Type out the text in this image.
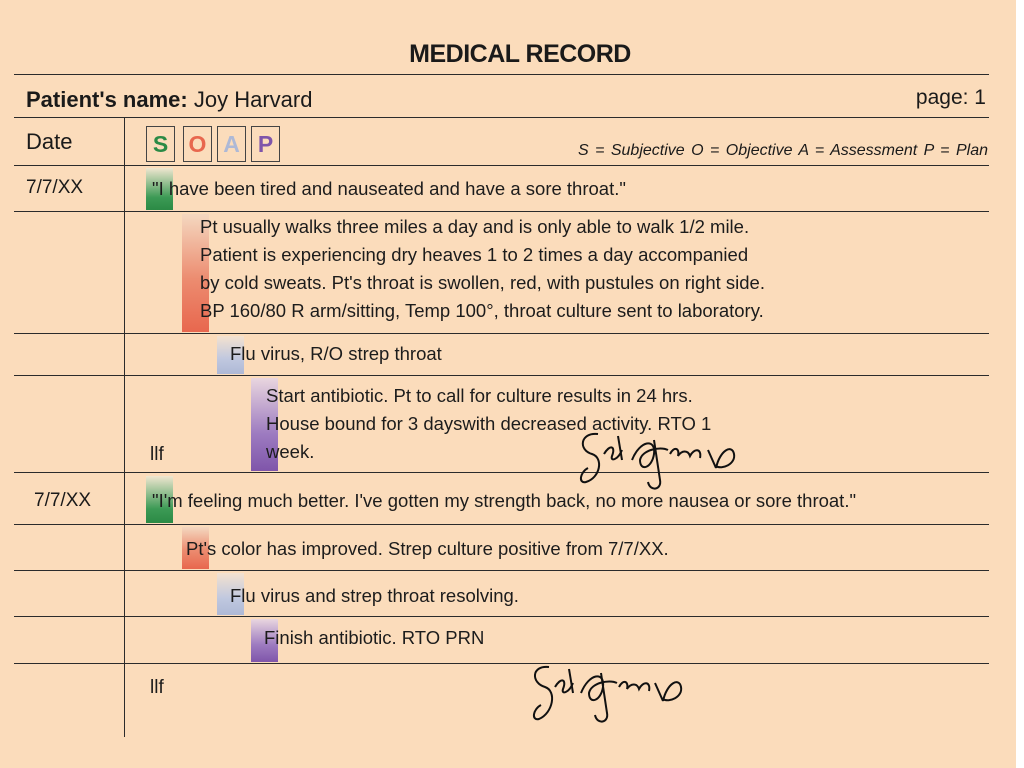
MEDICAL RECORD
Patient's name: Joy Harvard	page: 1
Date	S O A P	S = Subjective O = Objective A = Assessment P = Plan
7/7/XX	"I have been tired and nauseated and have a sore throat."
Pt usually walks three miles a day and is only able to walk 1/2 mile.
Patient is experiencing dry heaves 1 to 2 times a day accompanied
by cold sweats. Pt's throat is swollen, red, with pustules on right side.
BP 160/80 R arm/sitting, Temp 100°, throat culture sent to laboratory.
Flu virus, R/O strep throat
Start antibiotic. Pt to call for culture results in 24 hrs.
House bound for 3 dayswith decreased activity. RTO 1
week.
llf
7/7/XX	"I'm feeling much better. I've gotten my strength back, no more nausea or sore throat."
Pt's color has improved. Strep culture positive from 7/7/XX.
Flu virus and strep throat resolving.
Finish antibiotic. RTO PRN
llf
